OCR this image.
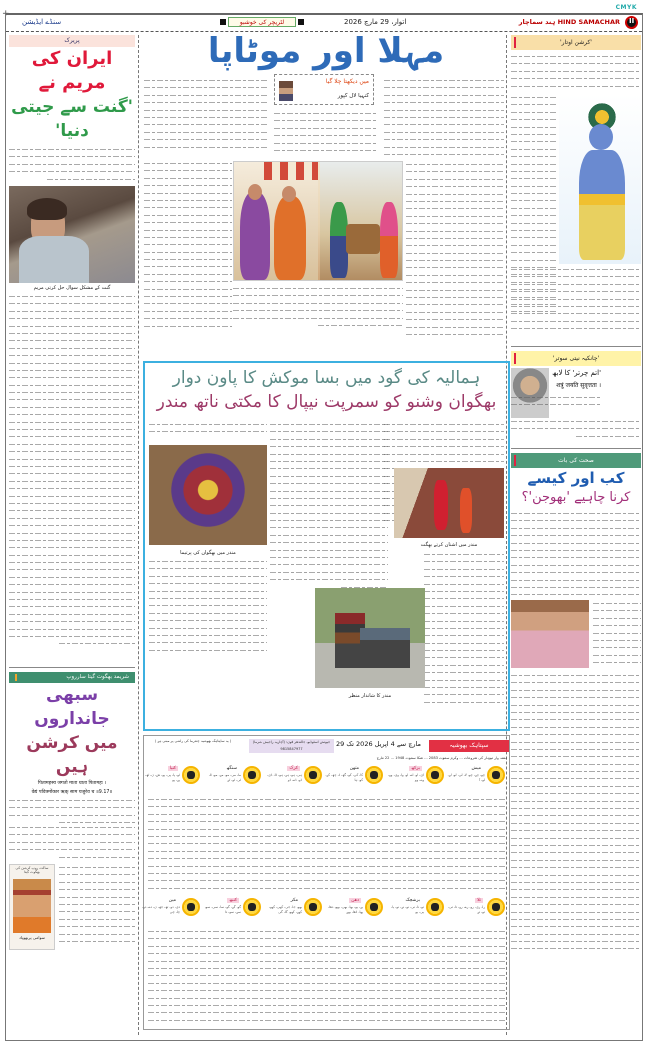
CMYK
+
سنڈے ایڈیشن	لٹریچر کی خوشبو	اتوار، 29 مارچ 2026	ہند سماچار HIND SAMACHAR
II
پریرک
ایران کی مریم نے
'گنت سے جیتی دنیا'
گنت کے مشکل سوال حل کرتی مریم
شریمد بھگوت گیتا سارروپ
سبھی جانداروں
میں کرشن ہیں
पितामहस्य जगतो माता धाता पितामहः ।
वेद्यं पवित्रमोंकार ऋक् साम यजुरेव च ॥9.17॥
ساکت روپ کرشن کی بھگوت گیتا
سوامی پربھوپاد
مہلا اور موٹاپا
میں دیکھتا چلا گیا
کنہیا لال کپور
ہمالیہ کی گود میں بسا موکش کا پاون دوار
بھگوان وشنو کو سمرپت نیپال کا مکتی ناتھ مندر
مندر میں بھگوان کی پرتیما
مندر میں اشنان کرتے بھگت
مندر کا شاندار منظر
'کرشن اوتار'
'چانکیہ نیتی سوتر'
'اتم چرتر' کا لابھ
शत्रुं जयति सुवृत्तता ।
صحت کی بات
کب اور کیسے
کرنا چاہیے 'بھوجن'؟
سپتاہک بھوشیہ
29 مارچ سے 4 اپریل 2026 تک
(آچاریہ راجیش شرما) جیوتش اسٹوڈیو، جالندھر فون: 9815847977
( یہ ساپتاہک بھوشیہ چندرما کی راشی پر مبنی ہے )
ہفتہ وار تیوہار کی شروعات ... وکرم سموت 2083 ... شکا سموت 1948 ... 22 مارچ
میش
چو، چے، چو، لا، لی، لو، لے، لو، آ
برکھ
ای، او، اے، او، وا، وی، وو، وے، وو
متھن
کا، کی، کو، گھ، ڈ، چھ، کے، کو، ہا
کرک
ہی، ہو، ہے، ہو، ڈا، ڈی، ڈو، ڈے، ڈو
سنگھ
ما، می، مو، مے، مو، ٹا، ٹی، ٹو، ٹے
کنیا
ٹو، پا، پی، پو، ش، ن، ٹھ، پے، پو
تلا
را، ری، رو، رے، رو، تا، تی، تو، تے
برشچک
تو، نا، نی، نو، نے، نو، یا، یی، یو
دھن
یے، یو، بھا، بھی، بھو، دھا، پھا، ڈھا، بھے
مکر
بھو، جا، جی، کھی، کھو، کھے، کھو، گا، گی
کنبھ
گو، گے، گو، سا، سی، سو، سے، سو، دا
مین
دی، دو، تھ، جھ، ن، دے، دو، چا، چی
